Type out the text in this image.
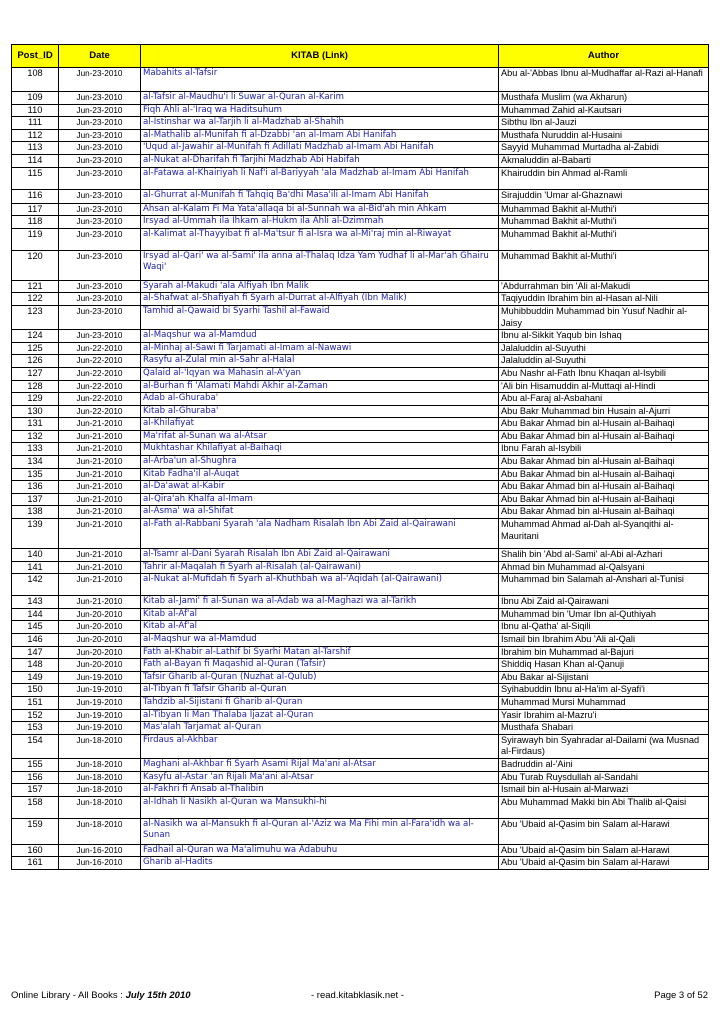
Post_ID	Date	KITAB (Link)	Author
108	Jun-23-2010	Mabahits al-Tafsir	Abu al-'Abbas Ibnu al-Mudhaffar al-Razi al-Hanafi
109	Jun-23-2010	al-Tafsir al-Maudhu'i li Suwar al-Quran al-Karim	Musthafa Muslim (wa Akharun)
110	Jun-23-2010	Fiqh Ahli al-'Iraq wa Haditsuhum	Muhammad Zahid al-Kautsari
111	Jun-23-2010	al-Istinshar wa al-Tarjih li al-Madzhab al-Shahih	Sibthu Ibn al-Jauzi
112	Jun-23-2010	al-Mathalib al-Munifah fi al-Dzabbi 'an al-Imam Abi Hanifah	Musthafa Nuruddin al-Husaini
113	Jun-23-2010	'Uqud al-Jawahir al-Munifah fi Adillati Madzhab al-Imam Abi Hanifah	Sayyid Muhammad Murtadha al-Zabidi
114	Jun-23-2010	al-Nukat al-Dharifah fi Tarjihi Madzhab Abi Habifah	Akmaluddin al-Babarti
115	Jun-23-2010	al-Fatawa al-Khairiyah li Naf'i al-Bariyyah 'ala Madzhab al-Imam Abi Hanifah	Khairuddin bin Ahmad al-Ramli
116	Jun-23-2010	al-Ghurrat al-Munifah fi Tahqiq Ba'dhi Masa'ili al-Imam Abi Hanifah	Sirajuddin 'Umar al-Ghaznawi
117	Jun-23-2010	Ahsan al-Kalam Fi Ma Yata'allaqa bi al-Sunnah wa al-Bid'ah min Ahkam	Muhammad Bakhit al-Muthi'i
118	Jun-23-2010	Irsyad al-Ummah ila Ihkam al-Hukm ila Ahli al-Dzimmah	Muhammad Bakhit al-Muthi'i
119	Jun-23-2010	al-Kalimat al-Thayyibat fi al-Ma'tsur fi al-Isra wa al-Mi'raj min al-Riwayat	Muhammad Bakhit al-Muthi'i
120	Jun-23-2010	Irsyad al-Qari' wa al-Sami' ila anna al-Thalaq Idza Yam Yudhaf li al-Mar'ah Ghairu Waqi'	Muhammad Bakhit al-Muthi'i
121	Jun-23-2010	Syarah al-Makudi 'ala Alfiyah Ibn Malik	'Abdurrahman bin 'Ali al-Makudi
122	Jun-23-2010	al-Shafwat al-Shafiyah fi Syarh al-Durrat al-Alfiyah (Ibn Malik)	Taqiyuddin Ibrahim bin al-Hasan al-Nili
123	Jun-23-2010	Tamhid al-Qawaid bi Syarhi Tashil al-Fawaid	Muhibbuddin Muhammad bin Yusuf Nadhir al-Jaisy
124	Jun-23-2010	al-Maqshur wa al-Mamdud	Ibnu al-Sikkit Yaqub bin Ishaq
125	Jun-22-2010	al-Minhaj al-Sawi fi Tarjamati al-Imam al-Nawawi	Jalaluddin al-Suyuthi
126	Jun-22-2010	Rasyfu al-Zulal min al-Sahr al-Halal	Jalaluddin al-Suyuthi
127	Jun-22-2010	Qalaid al-'Iqyan wa Mahasin al-A'yan	Abu Nashr al-Fath Ibnu Khaqan al-Isybili
128	Jun-22-2010	al-Burhan fi 'Alamati Mahdi Akhir al-Zaman	'Ali bin Hisamuddin al-Muttaqi al-Hindi
129	Jun-22-2010	Adab al-Ghuraba'	Abu al-Faraj al-Asbahani
130	Jun-22-2010	Kitab al-Ghuraba'	Abu Bakr Muhammad bin Husain al-Ajurri
131	Jun-21-2010	al-Khilafiyat	Abu Bakar Ahmad bin al-Husain al-Baihaqi
132	Jun-21-2010	Ma'rifat al-Sunan wa al-Atsar	Abu Bakar Ahmad bin al-Husain al-Baihaqi
133	Jun-21-2010	Mukhtashar Khilafiyat al-Baihaqi	Ibnu Farah al-Isybili
134	Jun-21-2010	al-Arba'un al-Shughra	Abu Bakar Ahmad bin al-Husain al-Baihaqi
135	Jun-21-2010	Kitab Fadha'il al-Auqat	Abu Bakar Ahmad bin al-Husain al-Baihaqi
136	Jun-21-2010	al-Da'awat al-Kabir	Abu Bakar Ahmad bin al-Husain al-Baihaqi
137	Jun-21-2010	al-Qira'ah Khalfa al-Imam	Abu Bakar Ahmad bin al-Husain al-Baihaqi
138	Jun-21-2010	al-Asma' wa al-Shifat	Abu Bakar Ahmad bin al-Husain al-Baihaqi
139	Jun-21-2010	al-Fath al-Rabbani Syarah 'ala Nadham Risalah Ibn Abi Zaid al-Qairawani	Muhammad Ahmad al-Dah al-Syanqithi al-Mauritani
140	Jun-21-2010	al-Tsamr al-Dani Syarah Risalah Ibn Abi Zaid al-Qairawani	Shalih bin 'Abd al-Sami' al-Abi al-Azhari
141	Jun-21-2010	Tahrir al-Maqalah fi Syarh al-Risalah (al-Qairawani)	Ahmad bin Muhammad al-Qalsyani
142	Jun-21-2010	al-Nukat al-Mufidah fi Syarh al-Khuthbah wa al-'Aqidah (al-Qairawani)	Muhammad bin Salamah al-Anshari al-Tunisi
143	Jun-21-2010	Kitab al-Jami' fi al-Sunan wa al-Adab wa al-Maghazi wa al-Tarikh	Ibnu Abi Zaid al-Qairawani
144	Jun-20-2010	Kitab al-Af'al	Muhammad bin 'Umar Ibn al-Quthiyah
145	Jun-20-2010	Kitab al-Af'al	Ibnu al-Qatha' al-Siqili
146	Jun-20-2010	al-Maqshur wa al-Mamdud	Ismail bin Ibrahim Abu 'Ali al-Qali
147	Jun-20-2010	Fath al-Khabir al-Lathif bi Syarhi Matan al-Tarshif	Ibrahim bin Muhammad al-Bajuri
148	Jun-20-2010	Fath al-Bayan fi Maqashid al-Quran (Tafsir)	Shiddiq Hasan Khan al-Qanuji
149	Jun-19-2010	Tafsir Gharib al-Quran (Nuzhat al-Qulub)	Abu Bakar al-Sijistani
150	Jun-19-2010	al-Tibyan fi Tafsir Gharib al-Quran	Syihabuddin Ibnu al-Ha'im al-Syafi'i
151	Jun-19-2010	Tahdzib al-Sijistani fi Gharib al-Quran	Muhammad Mursi Muhammad
152	Jun-19-2010	al-Tibyan li Man Thalaba Ijazat al-Quran	Yasir Ibrahim al-Mazru'i
153	Jun-19-2010	Mas'alah Tarjamat al-Quran	Musthafa Shabari
154	Jun-18-2010	Firdaus al-Akhbar	Syirawayh bin Syahradar al-Dailami (wa Musnad al-Firdaus)
155	Jun-18-2010	Maghani al-Akhbar fi Syarh Asami Rijal Ma'ani al-Atsar	Badruddin al-'Aini
156	Jun-18-2010	Kasyfu al-Astar 'an Rijali Ma'ani al-Atsar	Abu Turab Ruysdullah al-Sandahi
157	Jun-18-2010	al-Fakhri fi Ansab al-Thalibin	Ismail bin al-Husain al-Marwazi
158	Jun-18-2010	al-Idhah li Nasikh al-Quran wa Mansukhi-hi	Abu Muhammad Makki bin Abi Thalib al-Qaisi
159	Jun-18-2010	al-Nasikh wa al-Mansukh fi al-Quran al-'Aziz wa Ma Fihi min al-Fara'idh wa al-Sunan	Abu 'Ubaid al-Qasim bin Salam al-Harawi
160	Jun-16-2010	Fadhail al-Quran wa Ma'alimuhu wa Adabuhu	Abu 'Ubaid al-Qasim bin Salam al-Harawi
161	Jun-16-2010	Gharib al-Hadits	Abu 'Ubaid al-Qasim bin Salam al-Harawi
Online Library - All Books : July 15th 2010	- read.kitabklasik.net -	Page 3 of 52
